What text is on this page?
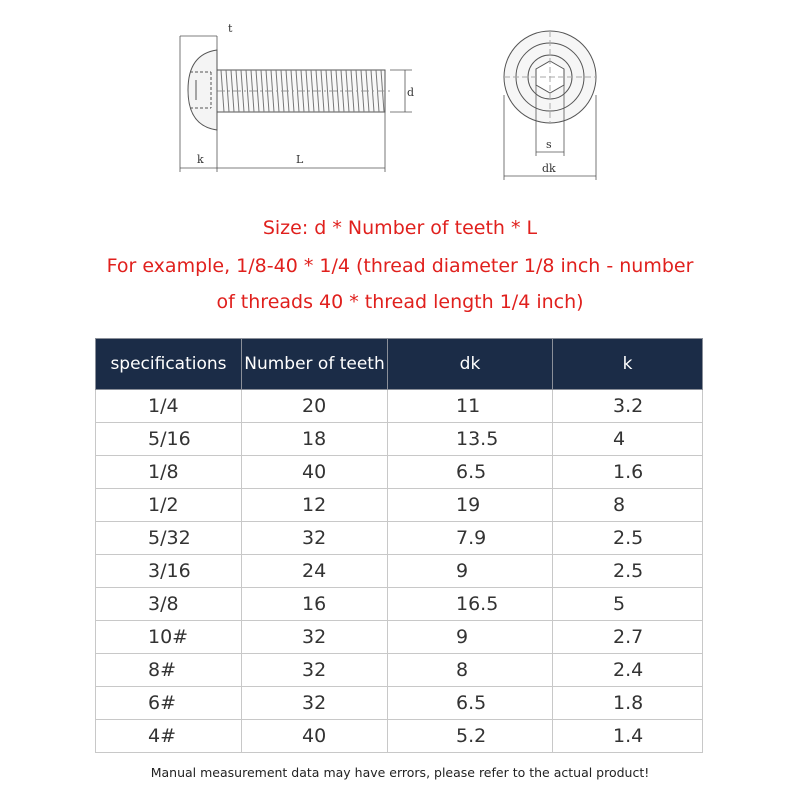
t
k	L
d
s
dk
Size: d * Number of teeth * L
For example, 1/8-40 * 1/4 (thread diameter 1/8 inch - number
of threads 40 * thread length 1/4 inch)
specifications	Number of teeth	dk	k
1/4	20	11	3.2
5/16	18	13.5	4
1/8	40	6.5	1.6
1/2	12	19	8
5/32	32	7.9	2.5
3/16	24	9	2.5
3/8	16	16.5	5
10#	32	9	2.7
8#	32	8	2.4
6#	32	6.5	1.8
4#	40	5.2	1.4
Manual measurement data may have errors, please refer to the actual product!
